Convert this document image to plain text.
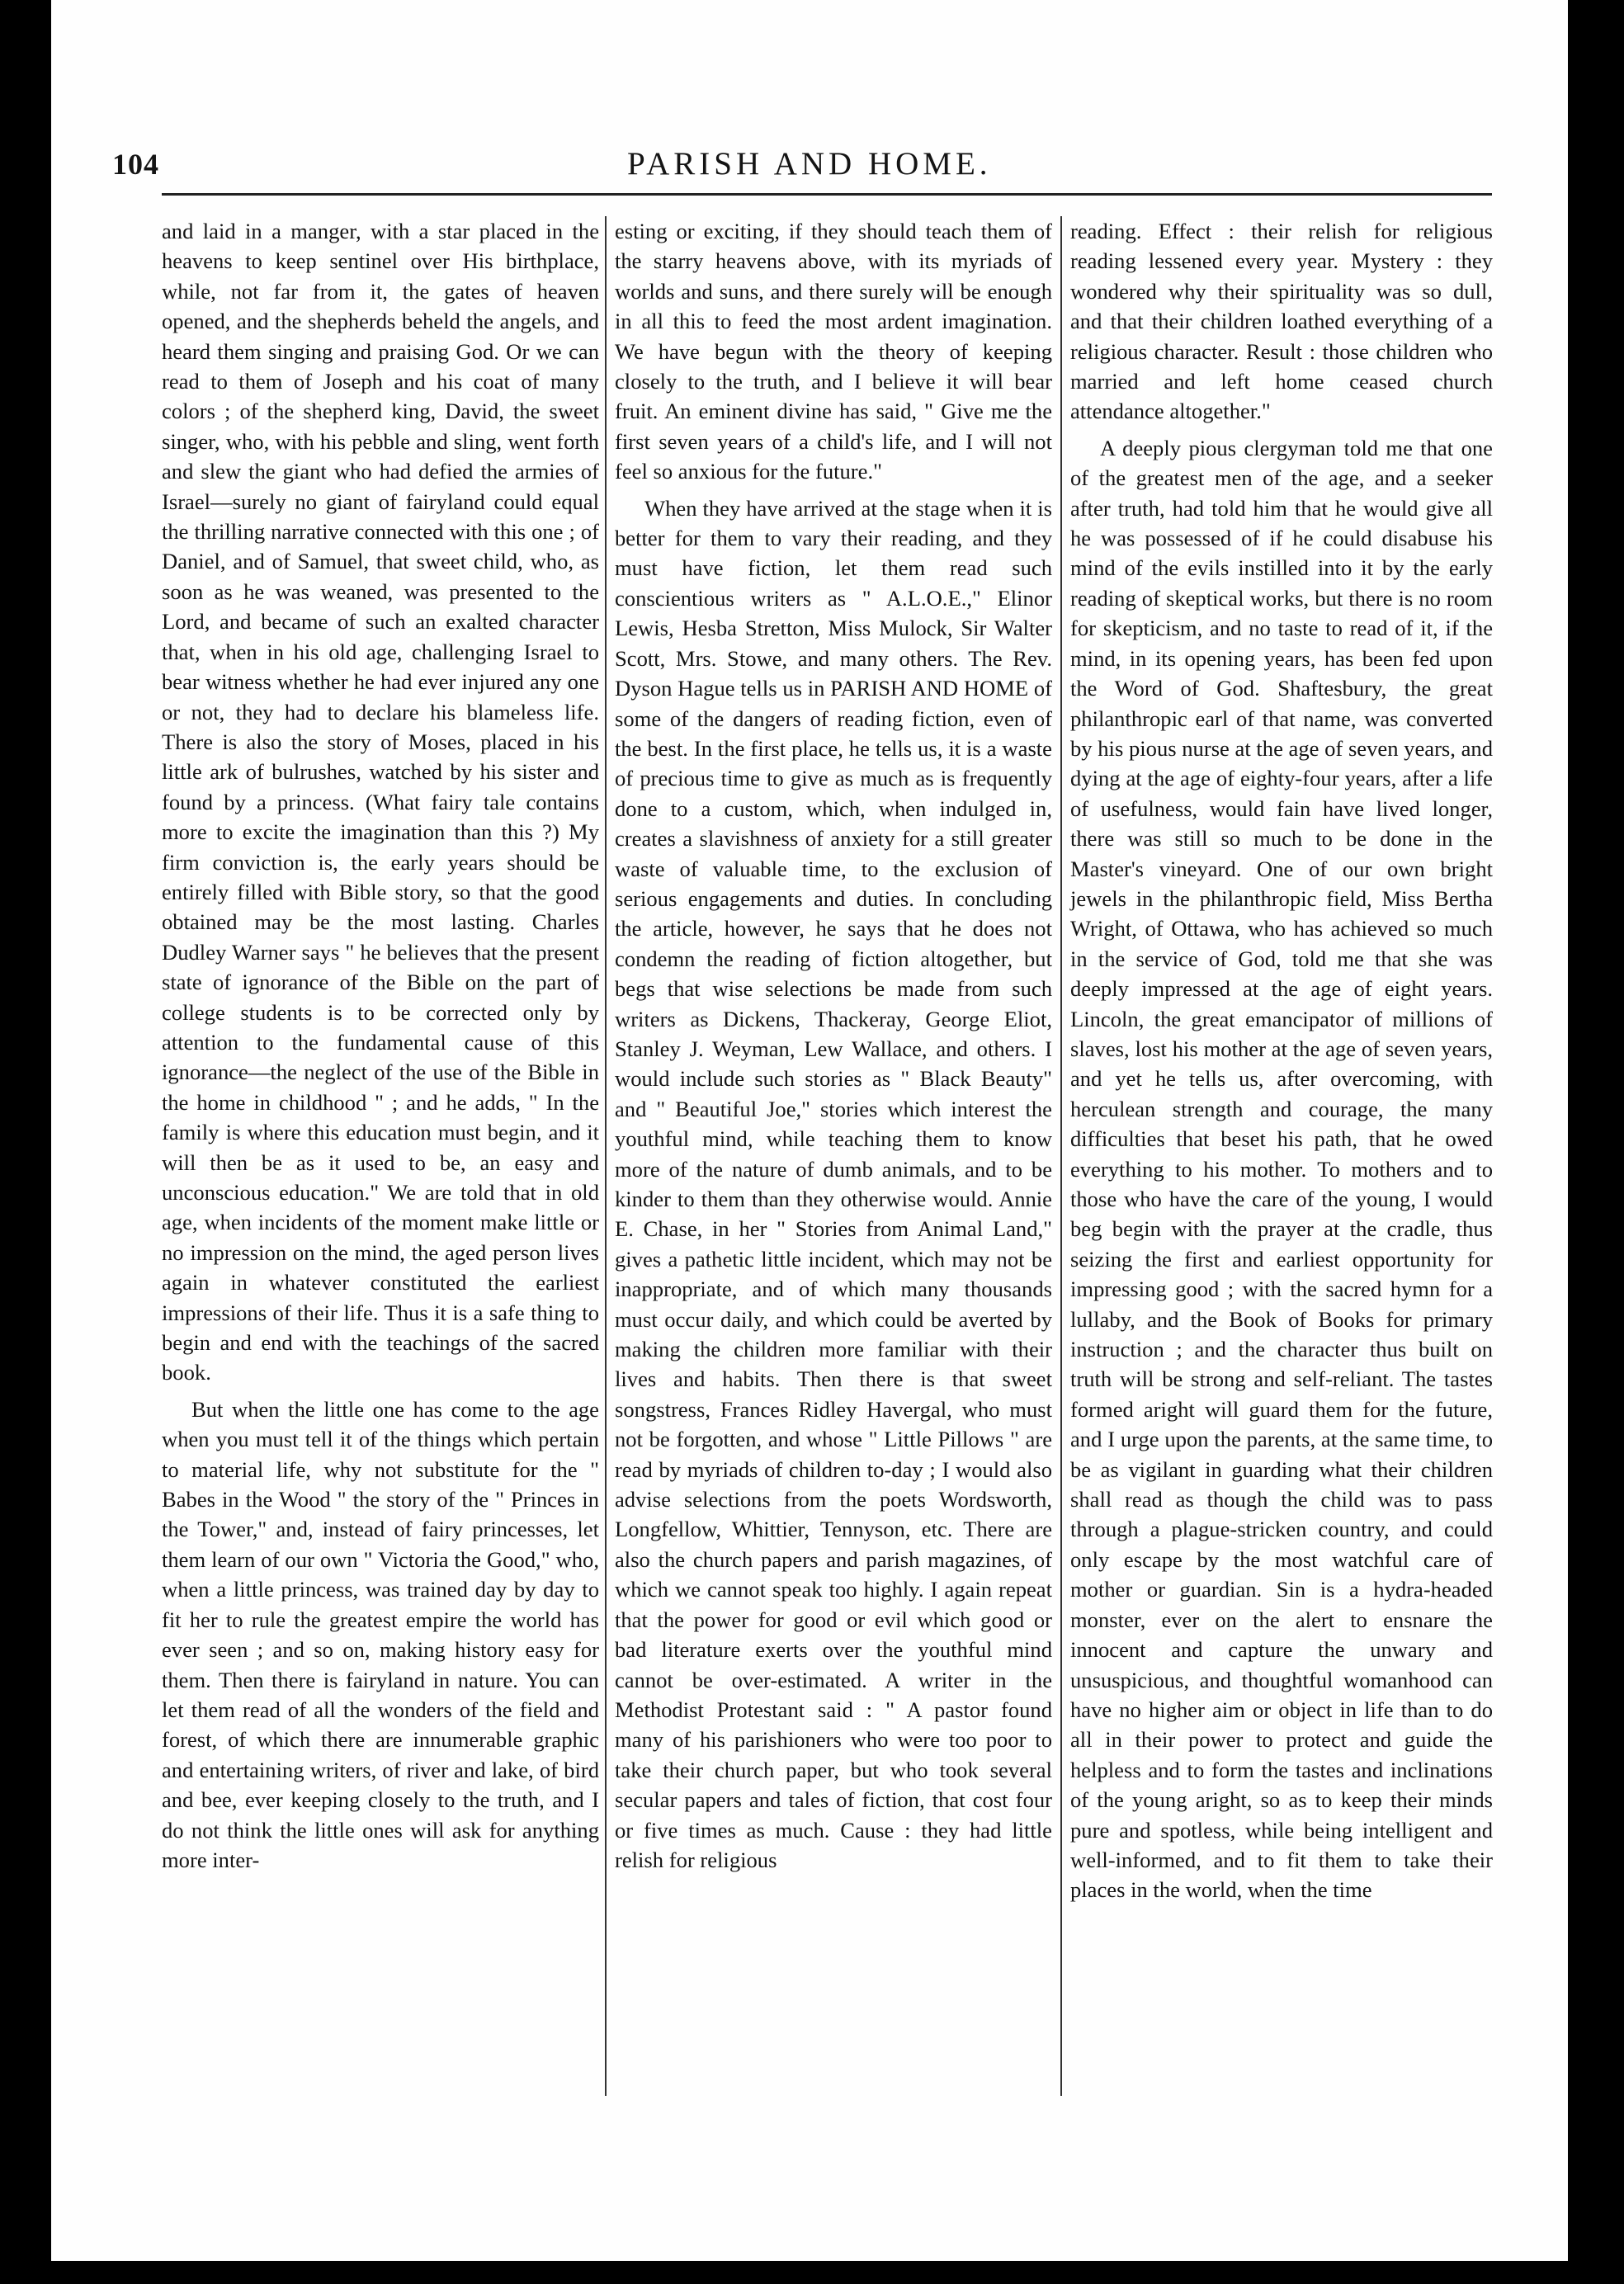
104	PARISH AND HOME.

and laid in a manger, with a star placed in the heavens to keep sentinel over His birthplace, while, not far from it, the gates of heaven opened, and the shepherds beheld the angels, and heard them singing and praising God. Or we can read to them of Joseph and his coat of many colors ; of the shepherd king, David, the sweet singer, who, with his pebble and sling, went forth and slew the giant who had defied the armies of Israel—surely no giant of fairyland could equal the thrilling narrative connected with this one ; of Daniel, and of Samuel, that sweet child, who, as soon as he was weaned, was presented to the Lord, and became of such an exalted character that, when in his old age, challenging Israel to bear witness whether he had ever injured any one or not, they had to declare his blameless life. There is also the story of Moses, placed in his little ark of bulrushes, watched by his sister and found by a princess. (What fairy tale contains more to excite the imagination than this ?) My firm conviction is, the early years should be entirely filled with Bible story, so that the good obtained may be the most lasting. Charles Dudley Warner says " he believes that the present state of ignorance of the Bible on the part of college students is to be corrected only by attention to the fundamental cause of this ignorance—the neglect of the use of the Bible in the home in childhood " ; and he adds, " In the family is where this education must begin, and it will then be as it used to be, an easy and unconscious education." We are told that in old age, when incidents of the moment make little or no impression on the mind, the aged person lives again in whatever constituted the earliest impressions of their life. Thus it is a safe thing to begin and end with the teachings of the sacred book.

But when the little one has come to the age when you must tell it of the things which pertain to material life, why not substitute for the " Babes in the Wood " the story of the " Princes in the Tower," and, instead of fairy princesses, let them learn of our own " Victoria the Good," who, when a little princess, was trained day by day to fit her to rule the greatest empire the world has ever seen ; and so on, making history easy for them. Then there is fairyland in nature. You can let them read of all the wonders of the field and forest, of which there are innumerable graphic and entertaining writers, of river and lake, of bird and bee, ever keeping closely to the truth, and I do not think the little ones will ask for anything more inter-

esting or exciting, if they should teach them of the starry heavens above, with its myriads of worlds and suns, and there surely will be enough in all this to feed the most ardent imagination. We have begun with the theory of keeping closely to the truth, and I believe it will bear fruit. An eminent divine has said, " Give me the first seven years of a child's life, and I will not feel so anxious for the future."

When they have arrived at the stage when it is better for them to vary their reading, and they must have fiction, let them read such conscientious writers as " A.L.O.E.," Elinor Lewis, Hesba Stretton, Miss Mulock, Sir Walter Scott, Mrs. Stowe, and many others. The Rev. Dyson Hague tells us in PARISH AND HOME of some of the dangers of reading fiction, even of the best. In the first place, he tells us, it is a waste of precious time to give as much as is frequently done to a custom, which, when indulged in, creates a slavishness of anxiety for a still greater waste of valuable time, to the exclusion of serious engagements and duties. In concluding the article, however, he says that he does not condemn the reading of fiction altogether, but begs that wise selections be made from such writers as Dickens, Thackeray, George Eliot, Stanley J. Weyman, Lew Wallace, and others. I would include such stories as " Black Beauty" and " Beautiful Joe," stories which interest the youthful mind, while teaching them to know more of the nature of dumb animals, and to be kinder to them than they otherwise would. Annie E. Chase, in her " Stories from Animal Land," gives a pathetic little incident, which may not be inappropriate, and of which many thousands must occur daily, and which could be averted by making the children more familiar with their lives and habits. Then there is that sweet songstress, Frances Ridley Havergal, who must not be forgotten, and whose " Little Pillows " are read by myriads of children to-day ; I would also advise selections from the poets Wordsworth, Longfellow, Whittier, Tennyson, etc. There are also the church papers and parish magazines, of which we cannot speak too highly. I again repeat that the power for good or evil which good or bad literature exerts over the youthful mind cannot be over-estimated. A writer in the Methodist Protestant said : " A pastor found many of his parishioners who were too poor to take their church paper, but who took several secular papers and tales of fiction, that cost four or five times as much. Cause : they had little relish for religious

reading. Effect : their relish for religious reading lessened every year. Mystery : they wondered why their spirituality was so dull, and that their children loathed everything of a religious character. Result : those children who married and left home ceased church attendance altogether."

A deeply pious clergyman told me that one of the greatest men of the age, and a seeker after truth, had told him that he would give all he was possessed of if he could disabuse his mind of the evils instilled into it by the early reading of skeptical works, but there is no room for skepticism, and no taste to read of it, if the mind, in its opening years, has been fed upon the Word of God. Shaftesbury, the great philanthropic earl of that name, was converted by his pious nurse at the age of seven years, and dying at the age of eighty-four years, after a life of usefulness, would fain have lived longer, there was still so much to be done in the Master's vineyard. One of our own bright jewels in the philanthropic field, Miss Bertha Wright, of Ottawa, who has achieved so much in the service of God, told me that she was deeply impressed at the age of eight years. Lincoln, the great emancipator of millions of slaves, lost his mother at the age of seven years, and yet he tells us, after overcoming, with herculean strength and courage, the many difficulties that beset his path, that he owed everything to his mother. To mothers and to those who have the care of the young, I would beg begin with the prayer at the cradle, thus seizing the first and earliest opportunity for impressing good ; with the sacred hymn for a lullaby, and the Book of Books for primary instruction ; and the character thus built on truth will be strong and self-reliant. The tastes formed aright will guard them for the future, and I urge upon the parents, at the same time, to be as vigilant in guarding what their children shall read as though the child was to pass through a plague-stricken country, and could only escape by the most watchful care of mother or guardian. Sin is a hydra-headed monster, ever on the alert to ensnare the innocent and capture the unwary and unsuspicious, and thoughtful womanhood can have no higher aim or object in life than to do all in their power to protect and guide the helpless and to form the tastes and inclinations of the young aright, so as to keep their minds pure and spotless, while being intelligent and well-informed, and to fit them to take their places in the world, when the time
